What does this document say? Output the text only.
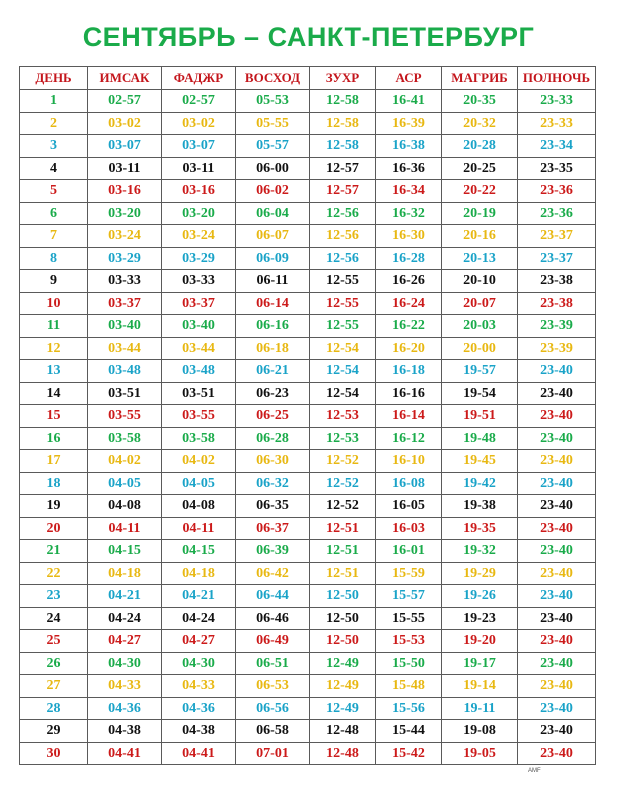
СЕНТЯБРЬ – САНКТ-ПЕТЕРБУРГ
ДЕНЬ	ИМСАК	ФАДЖР	ВОСХОД	ЗУХР	АСР	МАГРИБ	ПОЛНОЧЬ
1	02-57	02-57	05-53	12-58	16-41	20-35	23-33
2	03-02	03-02	05-55	12-58	16-39	20-32	23-33
3	03-07	03-07	05-57	12-58	16-38	20-28	23-34
4	03-11	03-11	06-00	12-57	16-36	20-25	23-35
5	03-16	03-16	06-02	12-57	16-34	20-22	23-36
6	03-20	03-20	06-04	12-56	16-32	20-19	23-36
7	03-24	03-24	06-07	12-56	16-30	20-16	23-37
8	03-29	03-29	06-09	12-56	16-28	20-13	23-37
9	03-33	03-33	06-11	12-55	16-26	20-10	23-38
10	03-37	03-37	06-14	12-55	16-24	20-07	23-38
11	03-40	03-40	06-16	12-55	16-22	20-03	23-39
12	03-44	03-44	06-18	12-54	16-20	20-00	23-39
13	03-48	03-48	06-21	12-54	16-18	19-57	23-40
14	03-51	03-51	06-23	12-54	16-16	19-54	23-40
15	03-55	03-55	06-25	12-53	16-14	19-51	23-40
16	03-58	03-58	06-28	12-53	16-12	19-48	23-40
17	04-02	04-02	06-30	12-52	16-10	19-45	23-40
18	04-05	04-05	06-32	12-52	16-08	19-42	23-40
19	04-08	04-08	06-35	12-52	16-05	19-38	23-40
20	04-11	04-11	06-37	12-51	16-03	19-35	23-40
21	04-15	04-15	06-39	12-51	16-01	19-32	23-40
22	04-18	04-18	06-42	12-51	15-59	19-29	23-40
23	04-21	04-21	06-44	12-50	15-57	19-26	23-40
24	04-24	04-24	06-46	12-50	15-55	19-23	23-40
25	04-27	04-27	06-49	12-50	15-53	19-20	23-40
26	04-30	04-30	06-51	12-49	15-50	19-17	23-40
27	04-33	04-33	06-53	12-49	15-48	19-14	23-40
28	04-36	04-36	06-56	12-49	15-56	19-11	23-40
29	04-38	04-38	06-58	12-48	15-44	19-08	23-40
30	04-41	04-41	07-01	12-48	15-42	19-05	23-40
AMF
